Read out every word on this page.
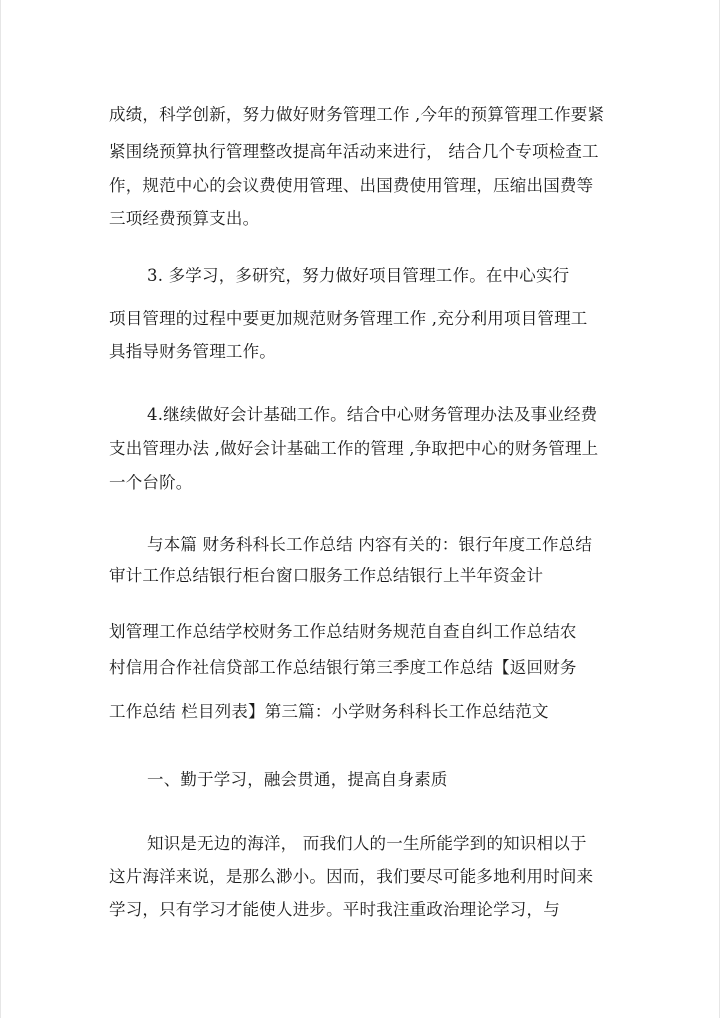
成绩，科学创新，努力做好财务管理工作 ,今年的预算管理工作要紧

紧围绕预算执行管理整改提高年活动来进行， 结合几个专项检查工

作，规范中心的会议费使用管理、出国费使用管理，压缩出国费等

三项经费预算支出。

3. 多学习，多研究，努力做好项目管理工作。在中心实行

项目管理的过程中要更加规范财务管理工作 ,充分利用项目管理工

具指导财务管理工作。

4.继续做好会计基础工作。结合中心财务管理办法及事业经费

支出管理办法 ,做好会计基础工作的管理 ,争取把中心的财务管理上

一个台阶。

与本篇 财务科科长工作总结 内容有关的：银行年度工作总结

审计工作总结银行柜台窗口服务工作总结银行上半年资金计

划管理工作总结学校财务工作总结财务规范自查自纠工作总结农

村信用合作社信贷部工作总结银行第三季度工作总结【返回财务

工作总结 栏目列表】第三篇：小学财务科科长工作总结范文

一、勤于学习，融会贯通，提高自身素质

知识是无边的海洋， 而我们人的一生所能学到的知识相以于

这片海洋来说，是那么渺小。因而，我们要尽可能多地利用时间来

学习，只有学习才能使人进步。平时我注重政治理论学习，与
